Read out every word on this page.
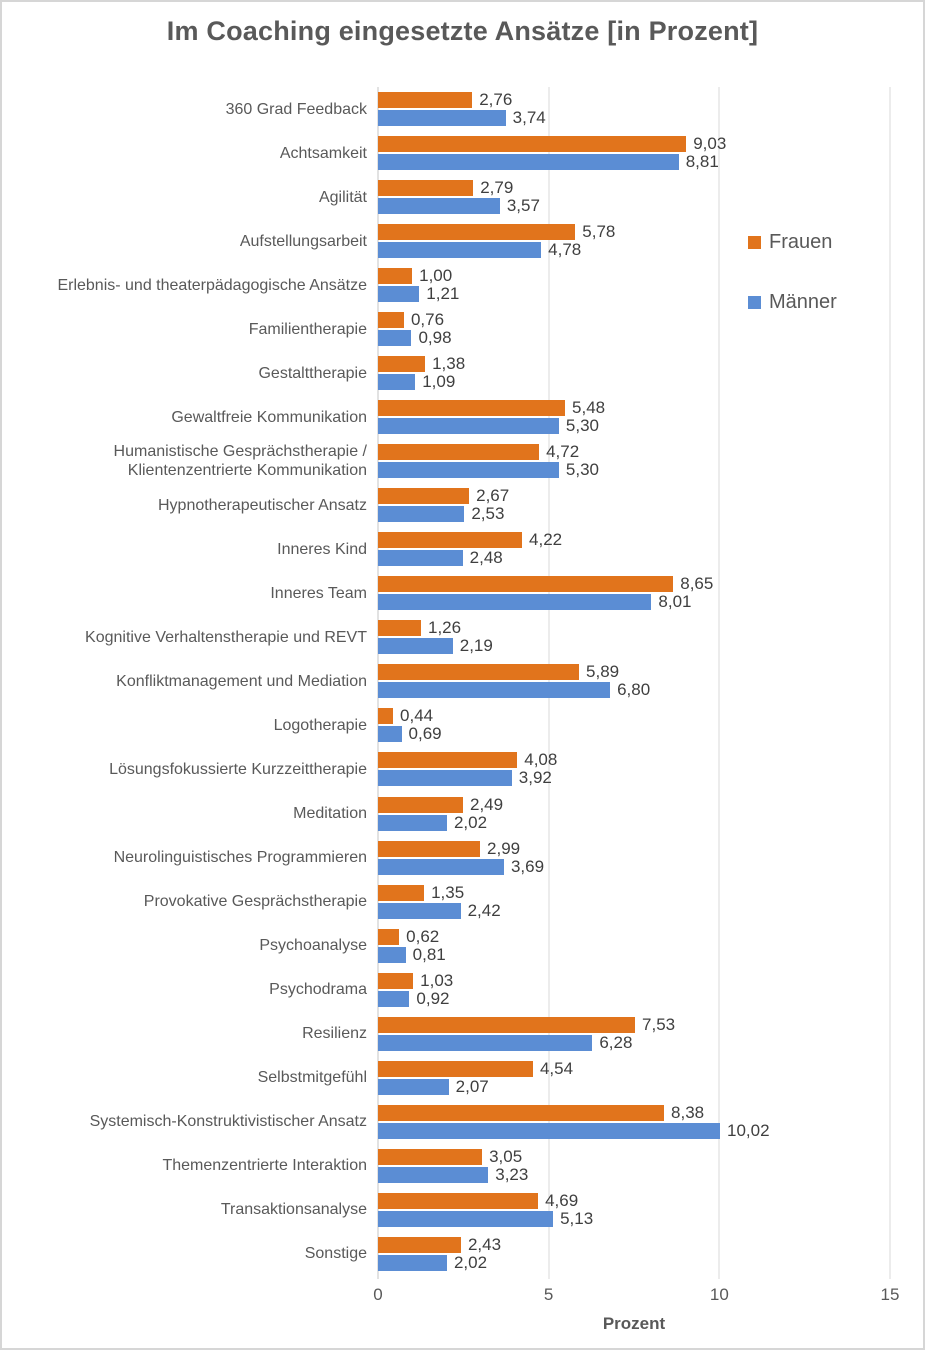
Im Coaching eingesetzte Ansätze [in Prozent]
360 Grad Feedback	2,76
3,74
Achtsamkeit	9,03
8,81
Agilität	2,79
3,57
Aufstellungsarbeit	5,78
4,78
Erlebnis- und theaterpädagogische Ansätze	1,00
1,21
Familientherapie	0,76
0,98
Gestalttherapie	1,38
1,09
Gewaltfreie Kommunikation	5,48
5,30
Humanistische Gesprächstherapie / Klientenzentrierte Kommunikation
4,72
5,30
Hypnotherapeutischer Ansatz	2,67
2,53
Inneres Kind	4,22
2,48
Inneres Team	8,65
8,01
Kognitive Verhaltenstherapie und REVT	1,26
2,19
Konfliktmanagement und Mediation	5,89
6,80
Logotherapie	0,44
0,69
Lösungsfokussierte Kurzzeittherapie	4,08
3,92
Meditation	2,49
2,02
Neurolinguistisches Programmieren	2,99
3,69
Provokative Gesprächstherapie	1,35
2,42
Psychoanalyse	0,62
0,81
Psychodrama	1,03
0,92
Resilienz	7,53
6,28
Selbstmitgefühl	4,54
2,07
Systemisch-Konstruktivistischer Ansatz	8,38
10,02
Themenzentrierte Interaktion	3,05
3,23
Transaktionsanalyse	4,69
5,13
Sonstige	2,43
2,02
0	5	10	15
Prozent
Frauen
Männer
